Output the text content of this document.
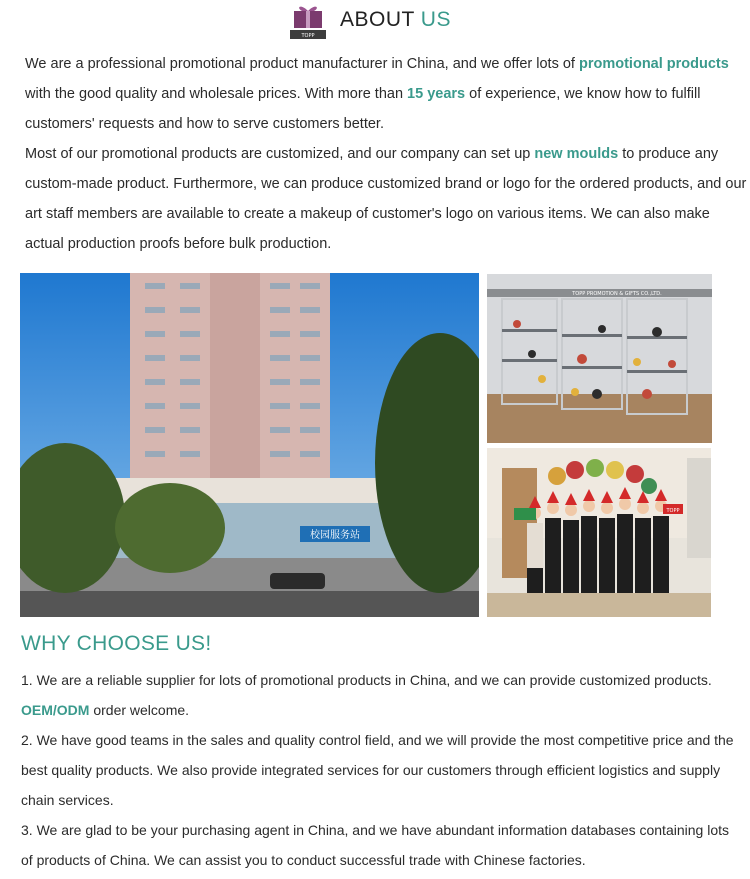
TOPP
ABOUT US
We are a professional promotional product manufacturer in China, and we offer lots of promotional products with the good quality and wholesale prices. With more than 15 years of experience, we know how to fulfill customers' requests and how to serve customers better.
Most of our promotional products are customized, and our company can set up new moulds to produce any custom-made product. Furthermore, we can produce customized brand or logo for the ordered products, and our art staff members are available to create a makeup of customer's logo on various items. We can also make actual production proofs before bulk production.
校园服务站
TOPP PROMOTION & GIFTS CO.,LTD.
TOPP
WHY CHOOSE US!
1. We are a reliable supplier for lots of promotional products in China, and we can provide customized products.
OEM/ODM order welcome.
2. We have good teams in the sales and quality control field, and we will provide the most competitive price and the best quality products. We also provide integrated services for our customers through efficient logistics and supply chain services.
3. We are glad to be your purchasing agent in China, and we have abundant information databases containing lots of products of China. We can assist you to conduct successful trade with Chinese factories.
